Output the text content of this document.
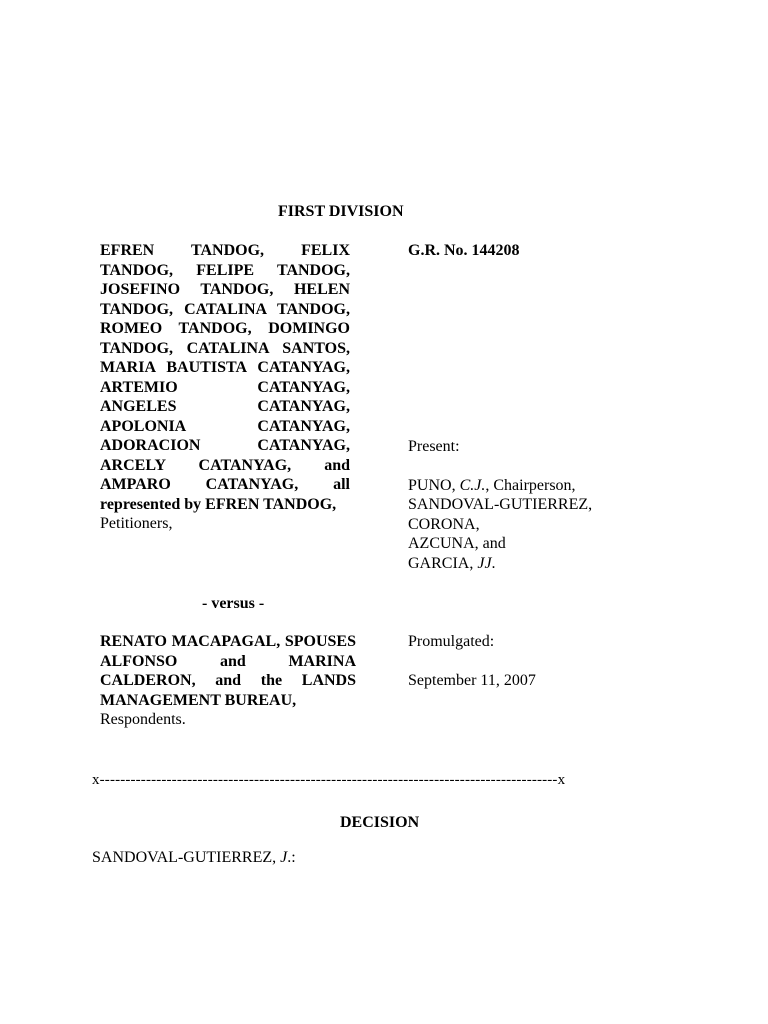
FIRST DIVISION
EFREN TANDOG, FELIX TANDOG, FELIPE TANDOG, JOSEFINO TANDOG, HELEN TANDOG, CATALINA TANDOG, ROMEO TANDOG, DOMINGO TANDOG, CATALINA SANTOS, MARIA BAUTISTA CATANYAG, ARTEMIO CATANYAG, ANGELES CATANYAG, APOLONIA CATANYAG, ADORACION CATANYAG, ARCELY CATANYAG, and AMPARO CATANYAG, all represented by EFREN TANDOG,
Petitioners,
G.R. No. 144208
Present:
PUNO, C.J., Chairperson,
SANDOVAL-GUTIERREZ,
CORONA,
AZCUNA, and
GARCIA, JJ.
Promulgated:
September 11, 2007
- versus -
RENATO MACAPAGAL, SPOUSES ALFONSO and MARINA CALDERON, and the LANDS MANAGEMENT BUREAU,
Respondents.
x-----------------------------------------------------------------------------------------x
DECISION
SANDOVAL-GUTIERREZ, J.:
